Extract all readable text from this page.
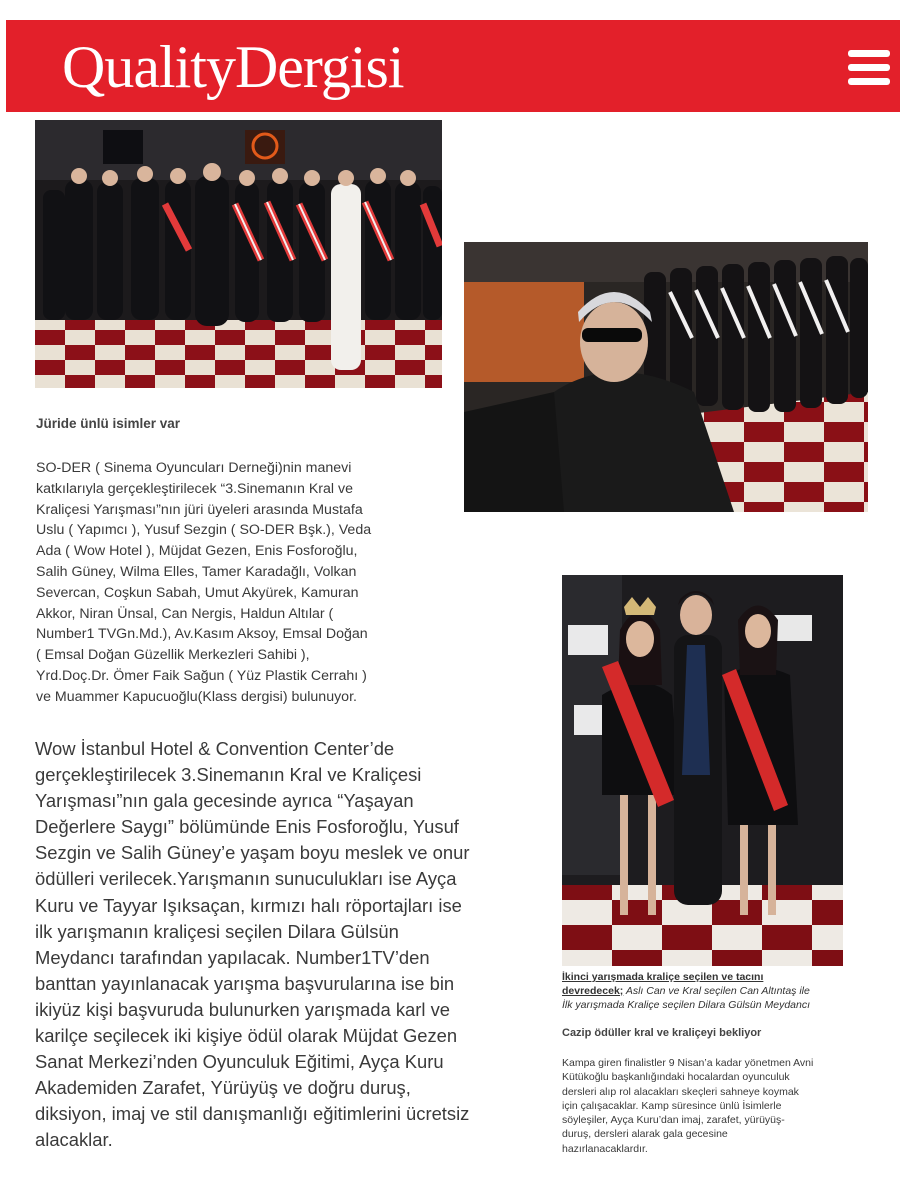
QualityDergisi
Jüride ünlü isimler var
SO-DER ( Sinema Oyuncuları Derneği)nin manevi
katkılarıyla gerçekleştirilecek “3.Sinemanın Kral ve
Kraliçesi Yarışması”nın jüri üyeleri arasında Mustafa
Uslu ( Yapımcı ), Yusuf Sezgin ( SO-DER Bşk.), Veda
Ada ( Wow Hotel ), Müjdat Gezen, Enis Fosforoğlu,
Salih Güney, Wilma Elles, Tamer Karadağlı, Volkan
Severcan, Coşkun Sabah, Umut Akyürek, Kamuran
Akkor, Niran Ünsal, Can Nergis, Haldun Altılar (
Number1 TVGn.Md.), Av.Kasım Aksoy, Emsal Doğan
( Emsal Doğan Güzellik Merkezleri Sahibi ),
Yrd.Doç.Dr. Ömer Faik Sağun ( Yüz Plastik Cerrahı )
ve Muammer Kapucuoğlu(Klass dergisi) bulunuyor.
Wow İstanbul Hotel & Convention Center’de
gerçekleştirilecek 3.Sinemanın Kral ve Kraliçesi
Yarışması”nın gala gecesinde ayrıca “Yaşayan
Değerlere Saygı” bölümünde Enis Fosforoğlu, Yusuf
Sezgin ve Salih Güney’e yaşam boyu meslek ve onur
ödülleri verilecek.Yarışmanın sunuculukları ise Ayça
Kuru ve Tayyar Işıksaçan, kırmızı halı röportajları ise
ilk yarışmanın kraliçesi seçilen Dilara Gülsün
Meydancı tarafından yapılacak. Number1TV’den
banttan yayınlanacak yarışma başvurularına ise bin
ikiyüz kişi başvuruda bulunurken yarışmada karl ve
karilçe seçilecek iki kişiye ödül olarak Müjdat Gezen
Sanat Merkezi’nden Oyunculuk Eğitimi, Ayça Kuru
Akademiden Zarafet, Yürüyüş ve doğru duruş,
diksiyon, imaj ve stil danışmanlığı eğitimlerini ücretsiz
alacaklar.
İkinci yarışmada kraliçe seçilen ve tacını
devredecek; Aslı Can ve Kral seçilen Can Altıntaş ile
İlk yarışmada Kraliçe seçilen Dilara Gülsün Meydancı
Cazip ödüller kral ve kraliçeyi bekliyor
Kampa giren finalistler 9 Nisan’a kadar yönetmen Avni
Kütükoğlu başkanlığındaki hocalardan oyunculuk
dersleri alıp rol alacakları skeçleri sahneye koymak
için çalışacaklar. Kamp süresince ünlü İsimlerle
söyleşiler, Ayça Kuru’dan imaj, zarafet, yürüyüş-
duruş, dersleri alarak gala gecesine
hazırlanacaklardır.
